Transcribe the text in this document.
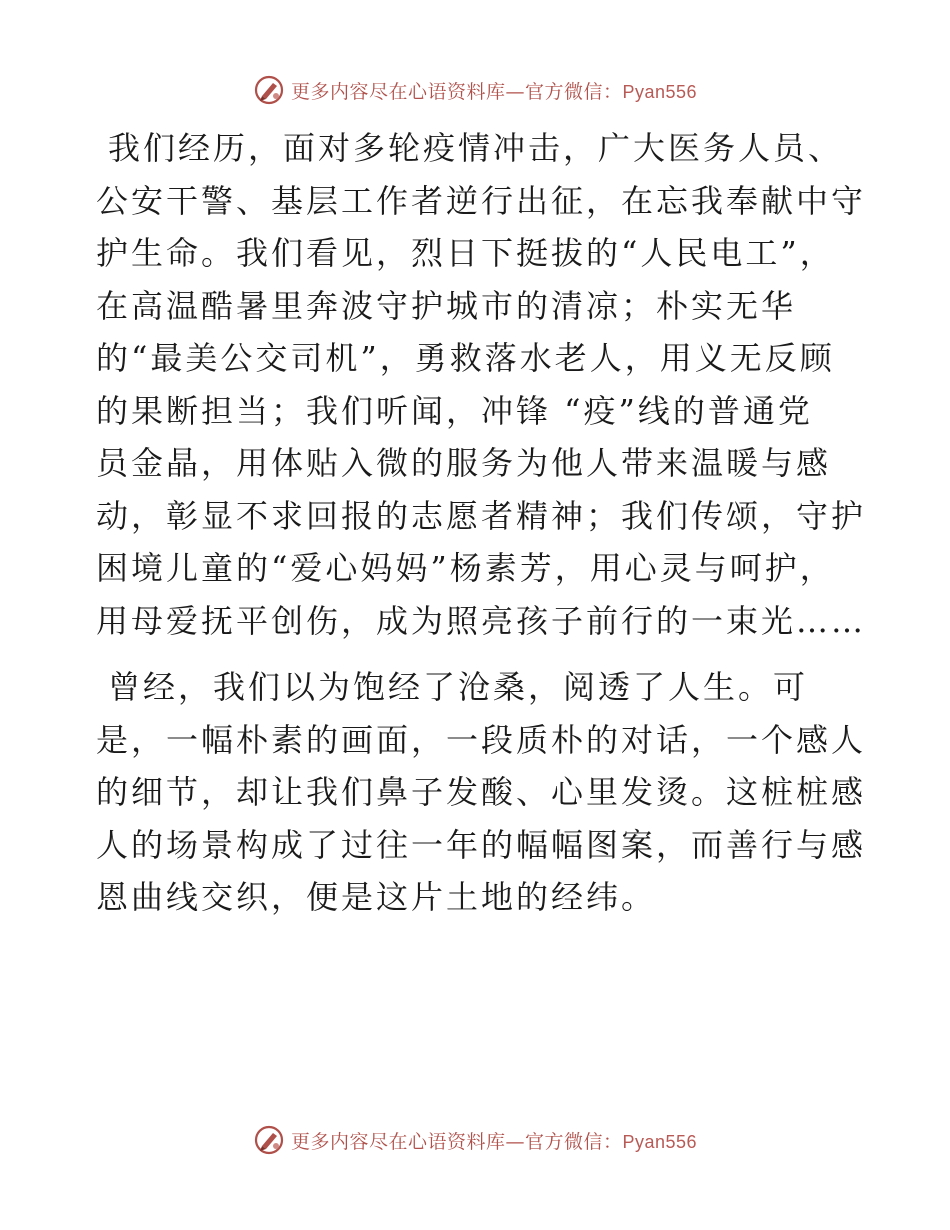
更多内容尽在心语资料库—官方微信：Pyan556
我们经历，面对多轮疫情冲击，广大医务人员、
公安干警、基层工作者逆行出征，在忘我奉献中守
护生命。我们看见，烈日下挺拔的“人民电工”，
在高温酷暑里奔波守护城市的清凉；朴实无华
的“最美公交司机”，勇救落水老人，用义无反顾
的果断担当；我们听闻，冲锋 “疫”线的普通党
员金晶，用体贴入微的服务为他人带来温暖与感
动，彰显不求回报的志愿者精神；我们传颂，守护
困境儿童的“爱心妈妈”杨素芳，用心灵与呵护，
用母爱抚平创伤，成为照亮孩子前行的一束光……
曾经，我们以为饱经了沧桑，阅透了人生。可
是，一幅朴素的画面，一段质朴的对话，一个感人
的细节，却让我们鼻子发酸、心里发烫。这桩桩感
人的场景构成了过往一年的幅幅图案，而善行与感
恩曲线交织，便是这片土地的经纬。
更多内容尽在心语资料库—官方微信：Pyan556
